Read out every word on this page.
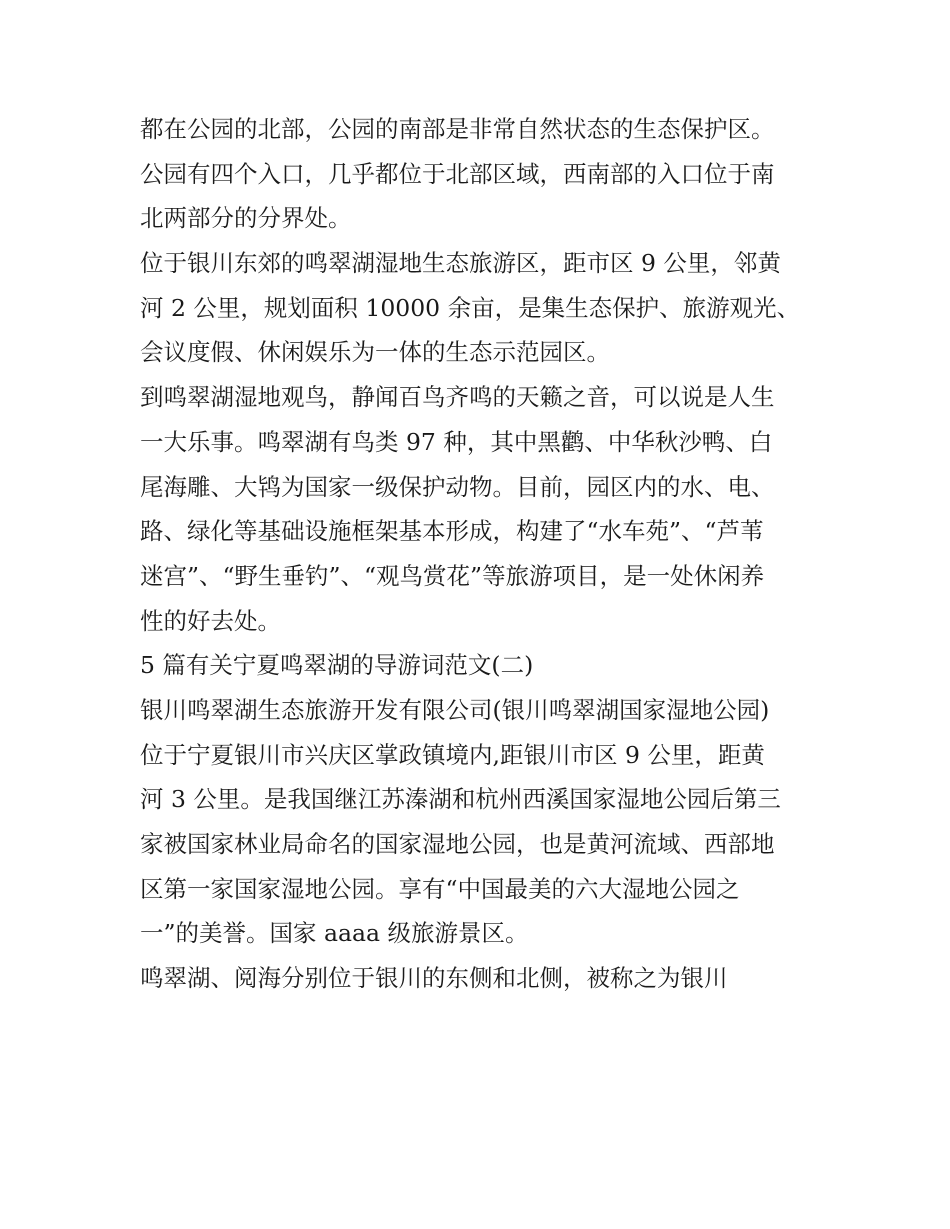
都在公园的北部，公园的南部是非常自然状态的生态保护区。
公园有四个入口，几乎都位于北部区域，西南部的入口位于南
北两部分的分界处。
位于银川东郊的鸣翠湖湿地生态旅游区，距市区 9 公里，邻黄
河 2 公里，规划面积 10000 余亩，是集生态保护、旅游观光、
会议度假、休闲娱乐为一体的生态示范园区。
到鸣翠湖湿地观鸟，静闻百鸟齐鸣的天籁之音，可以说是人生
一大乐事。鸣翠湖有鸟类 97 种，其中黑鹳、中华秋沙鸭、白
尾海雕、大鸨为国家一级保护动物。目前，园区内的水、电、
路、绿化等基础设施框架基本形成，构建了“水车苑”、“芦苇
迷宫”、“野生垂钓”、“观鸟赏花”等旅游项目，是一处休闲养
性的好去处。
5 篇有关宁夏鸣翠湖的导游词范文(二)
银川鸣翠湖生态旅游开发有限公司(银川鸣翠湖国家湿地公园)
位于宁夏银川市兴庆区掌政镇境内,距银川市区 9 公里，距黄
河 3 公里。是我国继江苏溱湖和杭州西溪国家湿地公园后第三
家被国家林业局命名的国家湿地公园，也是黄河流域、西部地
区第一家国家湿地公园。享有“中国最美的六大湿地公园之
一”的美誉。国家 aaaa 级旅游景区。
鸣翠湖、阅海分别位于银川的东侧和北侧，被称之为银川
